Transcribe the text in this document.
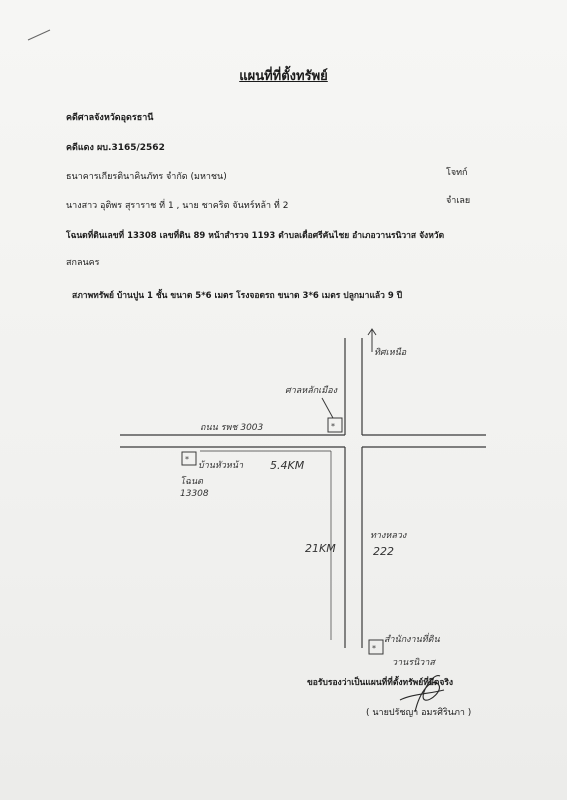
แผนที่ที่ตั้งทรัพย์
คดีศาลจังหวัดอุดรธานี
คดีแดง ผบ.3165/2562
ธนาคารเกียรตินาคินภัทร จำกัด (มหาชน)	โจทก์
นางสาว อุติพร สุราราช ที่ 1 , นาย ชาคริต จันทร์หล้า ที่ 2	จำเลย
โฉนดที่ดินเลขที่ 13308 เลขที่ดิน 89 หน้าสำรวจ 1193 ตำบลเดื่อศรีคันไชย อำเภอวานรนิวาส จังหวัด
สกลนคร
สภาพทรัพย์ บ้านปูน 1 ชั้น ขนาด 5*6 เมตร โรงจอดรถ ขนาด 3*6 เมตร ปลูกมาแล้ว 9 ปี
*
*
*
ทิศเหนือ
ศาลหลักเมือง
ถนน รพช 3003
บ้านหัวหน้า 5.4KM
โฉนด
13308
ทางหลวง
222
21KM
สำนักงานที่ดิน
วานรนิวาส
ขอรับรองว่าเป็นแผนที่ที่ตั้งทรัพย์ที่ยึดจริง
( นายปรัชญา อมรศิรินภา )
